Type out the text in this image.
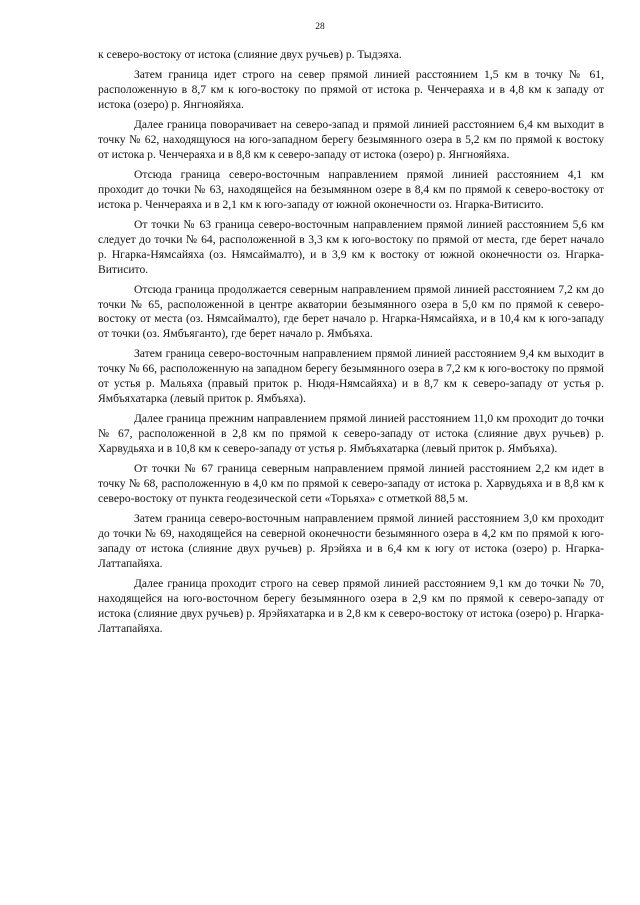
28

к северо-востоку от истока (слияние двух ручьев) р. Тыдэяха.

Затем граница идет строго на север прямой линией расстоянием 1,5 км в точку № 61, расположенную в 8,7 км к юго-востоку по прямой от истока р. Ченчераяха и в 4,8 км к западу от истока (озеро) р. Янгнояйяха.

Далее граница поворачивает на северо-запад и прямой линией расстоянием 6,4 км выходит в точку № 62, находящуюся на юго-западном берегу безымянного озера в 5,2 км по прямой к востоку от истока р. Ченчераяха и в 8,8 км к северо-западу от истока (озеро) р. Янгнояйяха.

Отсюда граница северо-восточным направлением прямой линией расстоянием 4,1 км проходит до точки № 63, находящейся на безымянном озере в 8,4 км по прямой к северо-востоку от истока р. Ченчераяха и в 2,1 км к юго-западу от южной оконечности оз. Нгарка-Витисито.

От точки № 63 граница северо-восточным направлением прямой линией расстоянием 5,6 км следует до точки № 64, расположенной в 3,3 км к юго-востоку по прямой от места, где берет начало р. Нгарка-Нямсайяха (оз. Нямсаймалто), и в 3,9 км к востоку от южной оконечности оз. Нгарка-Витисито.

Отсюда граница продолжается северным направлением прямой линией расстоянием 7,2 км до точки № 65, расположенной в центре акватории безымянного озера в 5,0 км по прямой к северо-востоку от места (оз. Нямсаймалто), где берет начало р. Нгарка-Нямсайяха, и в 10,4 км к юго-западу от точки (оз. Ямбъяганто), где берет начало р. Ямбъяха.

Затем граница северо-восточным направлением прямой линией расстоянием 9,4 км выходит в точку № 66, расположенную на западном берегу безымянного озера в 7,2 км к юго-востоку по прямой от устья р. Мальяха (правый приток р. Нюдя-Нямсайяха) и в 8,7 км к северо-западу от устья р. Ямбъяхатарка (левый приток р. Ямбъяха).

Далее граница прежним направлением прямой линией расстоянием 11,0 км проходит до точки № 67, расположенной в 2,8 км по прямой к северо-западу от истока (слияние двух ручьев) р. Харвудьяха и в 10,8 км к северо-западу от устья р. Ямбъяхатарка (левый приток р. Ямбъяха).

От точки № 67 граница северным направлением прямой линией расстоянием 2,2 км идет в точку № 68, расположенную в 4,0 км по прямой к северо-западу от истока р. Харвудьяха и в 8,8 км к северо-востоку от пункта геодезической сети «Торьяха» с отметкой 88,5 м.

Затем граница северо-восточным направлением прямой линией расстоянием 3,0 км проходит до точки № 69, находящейся на северной оконечности безымянного озера в 4,2 км по прямой к юго-западу от истока (слияние двух ручьев) р. Ярэйяха и в 6,4 км к югу от истока (озеро) р. Нгарка-Латтапайяха.

Далее граница проходит строго на север прямой линией расстоянием 9,1 км до точки № 70, находящейся на юго-восточном берегу безымянного озера в 2,9 км по прямой к северо-западу от истока (слияние двух ручьев) р. Ярэйяхатарка и в 2,8 км к северо-востоку от истока (озеро) р. Нгарка-Латтапайяха.
